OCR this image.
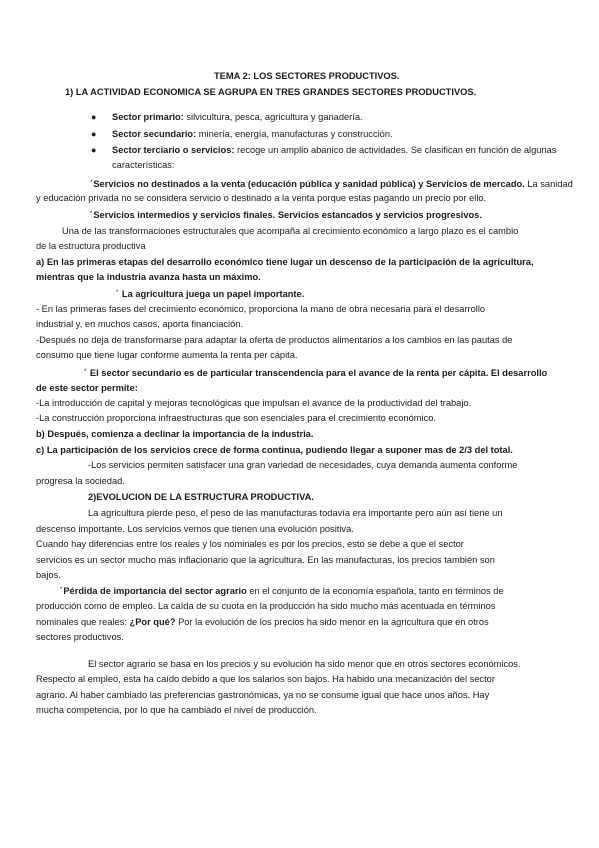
TEMA 2: LOS SECTORES PRODUCTIVOS.
1) LA ACTIVIDAD ECONOMICA SE AGRUPA EN TRES GRANDES SECTORES PRODUCTIVOS.
● Sector primario: silvicultura, pesca, agricultura y ganadería.
● Sector secundario: minería, energía, manufacturas y construcción.
● Sector terciario o servicios: recoge un amplio abanico de actividades. Se clasifican en función de algunas
características:
*Servicios no destinados a la venta (educación pública y sanidad pública) y Servicios de mercado. La sanidad
y educación privada no se considera servicio o destinado a la venta porque estas pagando un precio por ello.
*Servicios intermedios y servicios finales. Servicios estancados y servicios progresivos.
Una de las transformaciones estructurales que acompaña al crecimiento económico a largo plazo es el cambio
de la estructura productiva
a) En las primeras etapas del desarrollo económico tiene lugar un descenso de la participación de la agricultura,
mientras que la industria avanza hasta un máximo.
* La agricultura juega un papel importante.
- En las primeras fases del crecimiento económico, proporciona la mano de obra necesaria para el desarrollo
industrial y, en muchos casos, aporta financiación.
-Después no deja de transformarse para adaptar la oferta de productos alimentarios a los cambios en las pautas de
consumo que tiene lugar conforme aumenta la renta per cápita.
* El sector secundario es de particular transcendencia para el avance de la renta per cápita. El desarrollo
de este sector permite:
-La introducción de capital y mejoras tecnológicas que impulsan el avance de la productividad del trabajo.
-La construcción proporciona infraestructuras que son esenciales para el crecimiento económico.
b) Después, comienza a declinar la importancia de la industria.
c) La participación de los servicios crece de forma continua, pudiendo llegar a suponer mas de 2/3 del total.
-Los servicios permiten satisfacer una gran variedad de necesidades, cuya demanda aumenta conforme
progresa la sociedad.
2)EVOLUCION DE LA ESTRUCTURA PRODUCTIVA.
La agricultura pierde peso, el peso de las manufacturas todavía era importante pero aún así tiene un
descenso importante. Los servicios vemos que tienen una evolución positiva.
Cuando hay diferencias entre los reales y los nominales es por los precios, esto se debe a que el sector
servicios es un sector mucho más inflacionario que la agricultura. En las manufacturas, los precios también son
bajos.
*Pérdida de importancia del sector agrario en el conjunto de la economía española, tanto en términos de
producción como de empleo. La caída de su cuota en la producción ha sido mucho más acentuada en términos
nominales que reales: ¿Por qué? Por la evolución de los precios ha sido menor en la agricultura que en otros
sectores productivos.
El sector agrario se basa en los precios y su evolución ha sido menor que en otros sectores económicos.
Respecto al empleo, esta ha caído debido a que los salarios son bajos. Ha habido una mecanización del sector
agrario. Al haber cambiado las preferencias gastronómicas, ya no se consume igual que hace unos años. Hay
mucha competencia, por lo que ha cambiado el nivel de producción.
